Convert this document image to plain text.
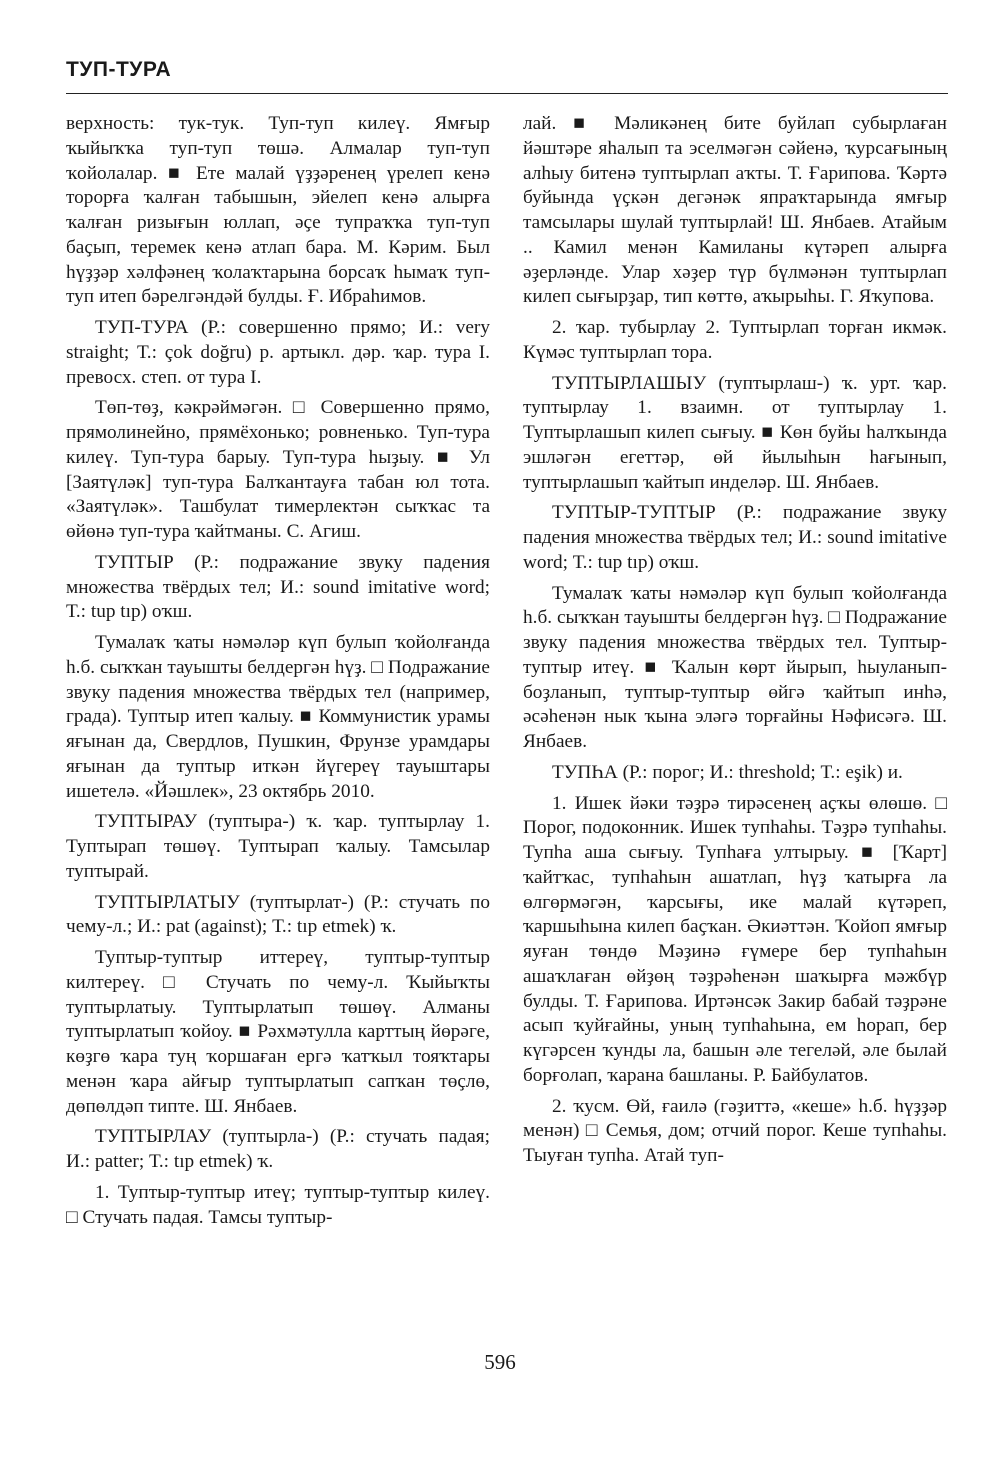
ТУП-ТУРА

верхность: тук-тук. Туп-туп килеү. Ямғыр ҡыйыҡҡа туп-туп төшә. Алмалар туп-туп ҡойолалар. ■ Ете малай үҙҙәренең үрелеп кенә торорға ҡалған табышын, эйелеп кенә алырға ҡалған ризығын юллап, əҫе тупраҡҡа туп-туп баҫып, теремек кенə атлап бара. М. Кәрим. Был һүҙҙәр хәлфәнең ҡолаҡтарына борсаҡ һымаҡ туп-туп итеп бәрелгәндәй булды. Ғ. Ибраһимов.

ТУП-ТУРА (Р.: совершенно прямо; И.: very straight; Т.: çok doğru) р. артыкл. дәр. ҡар. тура I. превосх. степ. от тура I.

Төп-төҙ, кәкрәймәгән. □ Совершенно прямо, прямолинейно, прямёхонько; ровненько. Туп-тура килеү. Туп-тура барыу. Туп-тура һыҙыу. ■ Ул [Заятүләк] туп-тура Балҡантауға табан юл тота. «Заятүләк». Ташбулат тимерлектән сыҡҡас та өйөнә туп-тура ҡайтманы. С. Агиш.

ТУПТЫР (Р.: подражание звуку падения множества твёрдых тел; И.: sound imitative word; Т.: tup tıp) оҡш.

Тумалаҡ ҡаты нәмәләр күп булып ҡойолғанда һ.б. сыҡҡан тауышты белдергән һүҙ. □ Подражание звуку падения множества твёрдых тел (например, града). Туптыр итеп ҡалыу. ■ Коммунистик урамы яғынан да, Свердлов, Пушкин, Фрунзе урамдары яғынан да туптыр иткән йүгерeү тауыштары ишетелә. «Йәшлек», 23 октябрь 2010.

ТУПТЫРАУ (туптыра-) ҡ. ҡар. туптырлау 1. Туптырап төшөү. Туптырап ҡалыу. Тамсылар туптырай.

ТУПТЫРЛАТЫУ (туптырлат-) (Р.: стучать по чему-л.; И.: pat (against); Т.: tıp etmek) ҡ.

Туптыр-туптыр иттереү, туптыр-туптыр килтереү. □ Стучать по чему-л. Ҡыйыҡты туптырлатыу. Туптырлатып төшөү. Алманы туптырлатып ҡойоу. ■ Рәхмәтулла карттың йөрәге, көҙгө ҡара туң ҡоршаған ергә ҡатҡыл тояҡтары менән ҡара айғыр туптырлатып сапҡан төҫлө, дөпөлдәп типте. Ш. Янбаев.

ТУПТЫРЛАУ (туптырла-) (Р.: стучать падая; И.: patter; Т.: tıp etmek) ҡ.

1. Туптыр-туптыр итеү; туптыр-туптыр килеү. □ Стучать падая. Тамсы туптыр-

лай. ■ Мәликәнең бите буйлап субырлаған йәштәре яһалып та эселмәгән сәйенә, ҡурсағының алһыу битенә туптырлап аҡты. Т. Ғарипова. Ҡәртә буйында үҫкән дегәнәк япраҡтарында ямғыр тамсылары шулай туптырлай! Ш. Янбаев. Атайым .. Камил менән Камиланы күтәреп алырға әҙерләнде. Улар хәҙер түр бүлмәнән туптырлап килеп сығырҙар, тип көттө, аҡырыһы. Г. Яҡупова.

2. ҡар. тубырлау 2. Туптырлап торған икмәк. Күмәс туптырлап тора.

ТУПТЫРЛАШЫУ (туптырлаш-) ҡ. урт. ҡар. туптырлау 1. взаимн. от туптырлау 1. Туптырлашып килеп сығыу. ■ Көн буйы һалҡында эшләгән егеттәр, өй йылыһын һағынып, туптырлашып ҡайтып инделәр. Ш. Янбаев.

ТУПТЫР-ТУПТЫР (Р.: подражание звуку падения множества твёрдых тел; И.: sound imitative word; Т.: tup tıp) оҡш.

Тумалаҡ ҡаты нәмәләр күп булып ҡойолғанда һ.б. сыҡҡан тауышты белдергән һүҙ. □ Подражание звуку падения множества твёрдых тел. Туптыр-туптыр итеү. ■ Ҡалын көрт йырып, һыуланып-боҙланып, туптыр-туптыр өйгә ҡайтып инһә, әсәһенән нык ҡына эләгә торғайны Нәфисәгә. Ш. Янбаев.

ТУПҺА (Р.: порог; И.: threshold; Т.: eşik) и.

1. Ишек йәки тәҙрә тирәсенең аҫҡы өлөшө. □ Порог, подоконник. Ишек тупһаһы. Тәҙрә тупһаһы. Тупһа аша сығыу. Тупһаға ултырыу. ■ [Ҡарт] ҡайтҡас, тупһаһын ашатлап, һүҙ ҡатырға ла өлгөрмәгән, ҡарсығы, ике малай күтәреп, ҡаршыһына килеп баҫҡан. Әкиәттән. Ҡойоп ямғыр яуған төндө Мәҙинә ғүмере бер тупһаһын ашаҡлаған өйҙөң тәҙрәһенән шаҡырға мәжбүр булды. Т. Ғарипова. Иртәнсәк Закир бабай тәҙрәне асып ҡуйғайны, уның тупһаһына, ем һорап, бер күгәрсен ҡунды ла, башын әле тегеләй, әле былай борғолап, ҡарана башланы. Р. Байбулатов.

2. ҡусм. Өй, ғаилә (гәҙиттә, «кеше» һ.б. һүҙҙәр менән) □ Семья, дом; отчий порог. Кеше тупһаһы. Тыуған тупһа. Атай туп-

596
